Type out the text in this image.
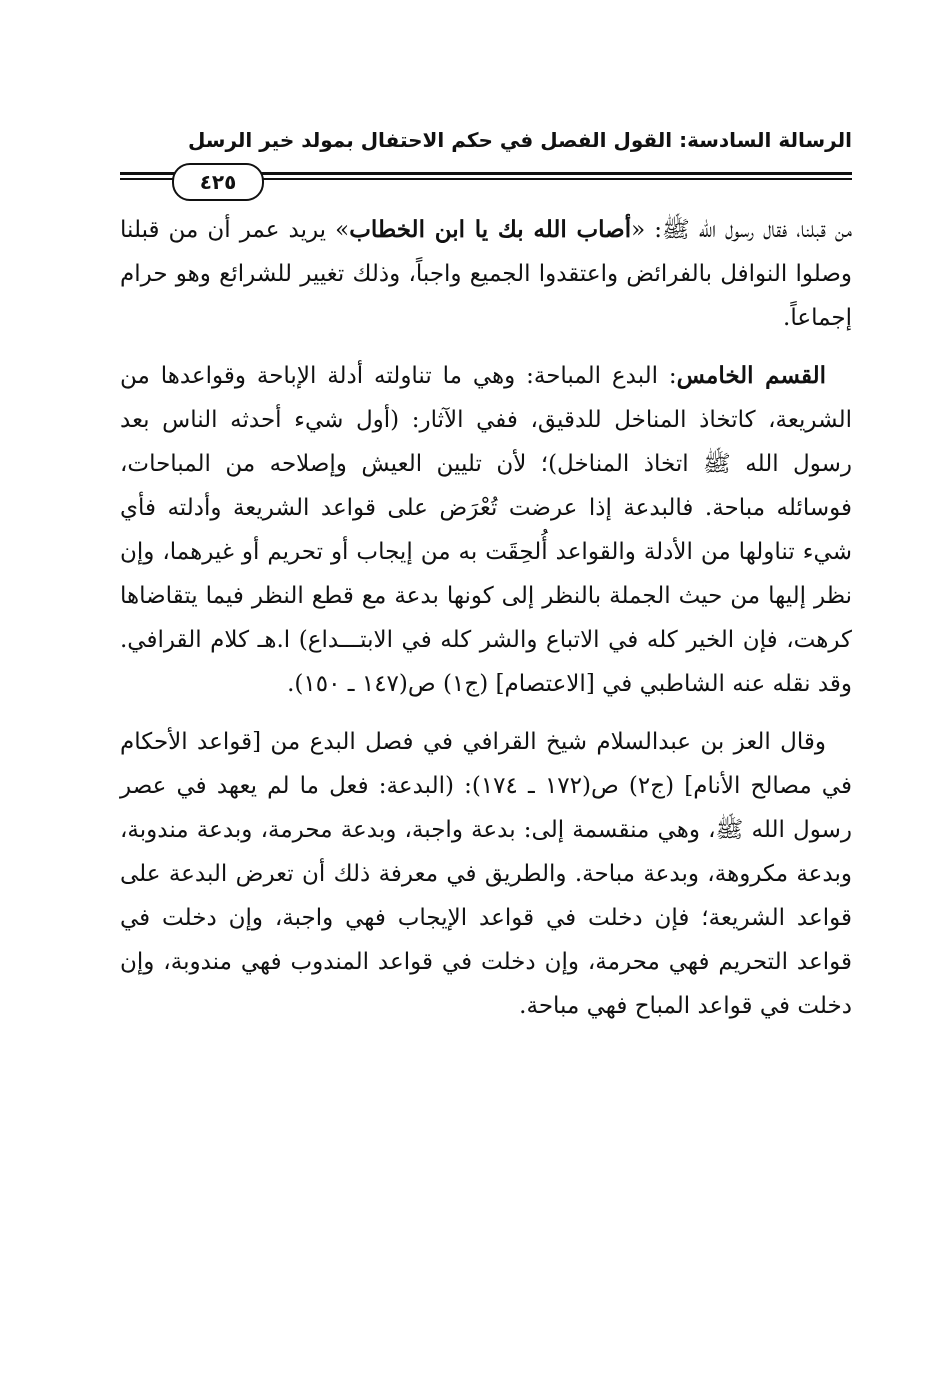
الرسالة السادسة: القول الفصل في حكم الاحتفال بمولد خير الرسل
٤٢٥

من قبلنا، فقال رسول الله ﷺ: «أصاب الله بك يا ابن الخطاب» يريد عمر أن من قبلنا وصلوا النوافل بالفرائض واعتقدوا الجميع واجباً، وذلك تغيير للشرائع وهو حرام إجماعاً.

القسم الخامس: البدع المباحة: وهي ما تناولته أدلة الإباحة وقواعدها من الشريعة، كاتخاذ المناخل للدقيق، ففي الآثار: (أول شيء أحدثه الناس بعد رسول الله ﷺ اتخاذ المناخل)؛ لأن تليين العيش وإصلاحه من المباحات، فوسائله مباحة. فالبدعة إذا عرضت تُعْرَض على قواعد الشريعة وأدلته فأي شيء تناولها من الأدلة والقواعد أُلحِقَت به من إيجاب أو تحريم أو غيرهما، وإن نظر إليها من حيث الجملة بالنظر إلى كونها بدعة مع قطع النظر فيما يتقاضاها كرهت، فإن الخير كله في الاتباع والشر كله في الابتـــداع) ا.هـ كلام القرافي. وقد نقله عنه الشاطبي في [الاعتصام] (ج١) ص(١٤٧ ـ ١٥٠).

وقال العز بن عبدالسلام شيخ القرافي في فصل البدع من [قواعد الأحكام في مصالح الأنام] (ج٢) ص(١٧٢ ـ ١٧٤): (البدعة: فعل ما لم يعهد في عصر رسول الله ﷺ، وهي منقسمة إلى: بدعة واجبة، وبدعة محرمة، وبدعة مندوبة، وبدعة مكروهة، وبدعة مباحة. والطريق في معرفة ذلك أن تعرض البدعة على قواعد الشريعة؛ فإن دخلت في قواعد الإيجاب فهي واجبة، وإن دخلت في قواعد التحريم فهي محرمة، وإن دخلت في قواعد المندوب فهي مندوبة، وإن دخلت في قواعد المباح فهي مباحة.
